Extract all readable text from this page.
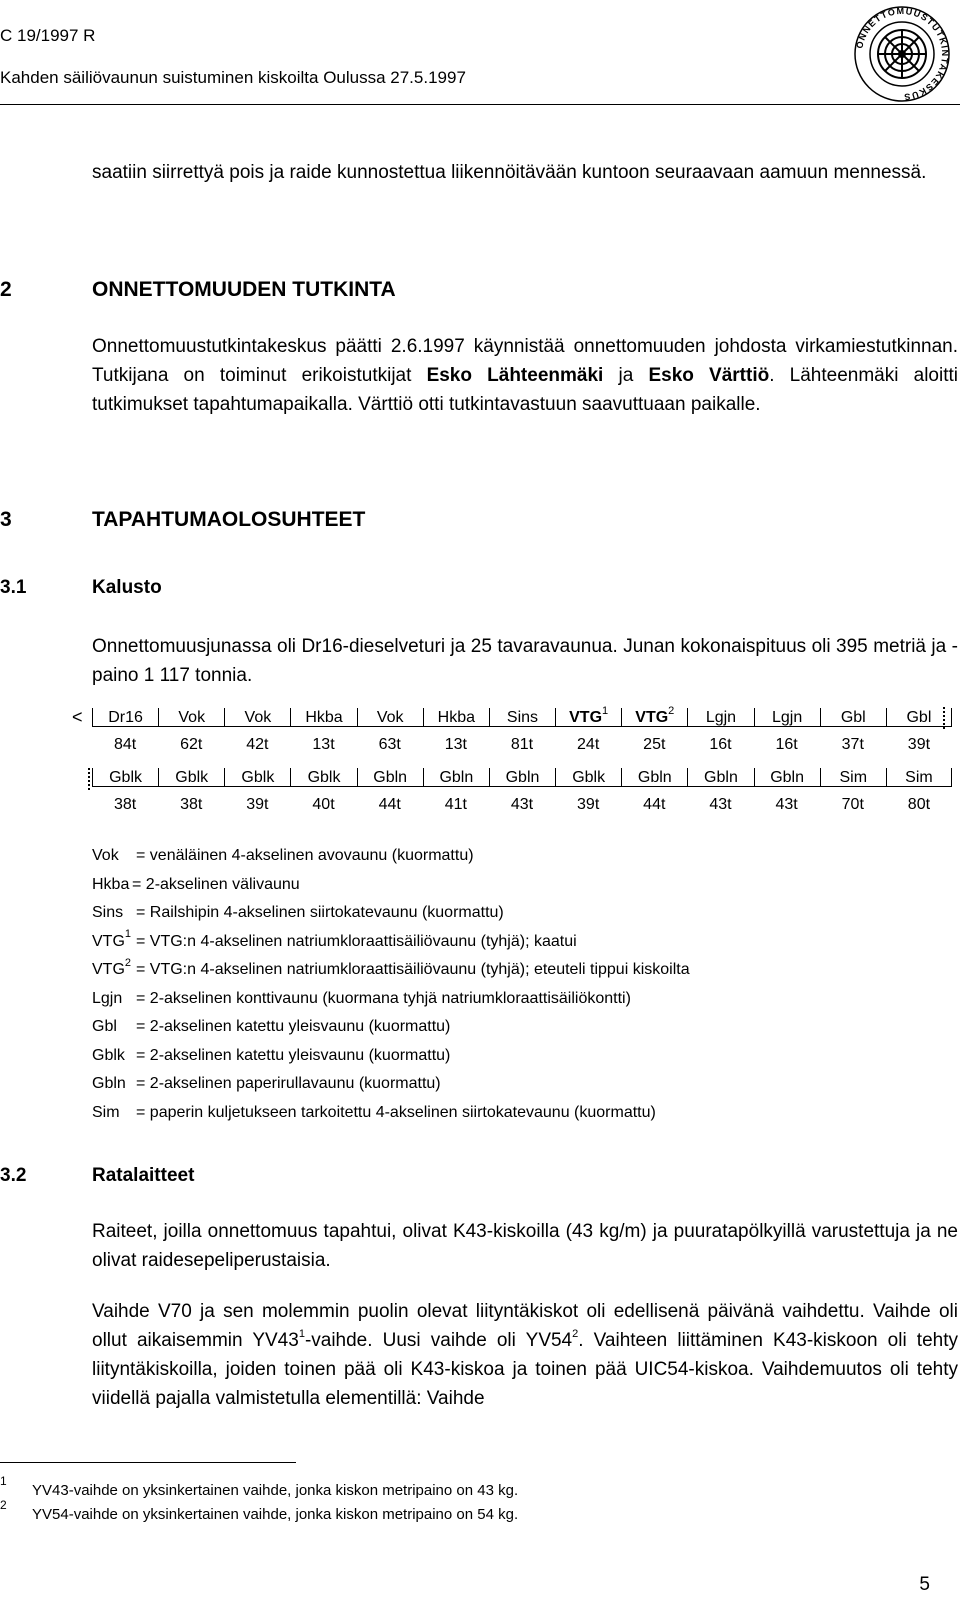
C 19/1997 R
Kahden säiliövaunun suistuminen kiskoilta Oulussa 27.5.1997
ONNETTOMUUSTUTKINTAKESKUS
saatiin siirrettyä pois ja raide kunnostettua liikennöitävään kuntoon seuraavaan aamuun mennessä.
2	ONNETTOMUUDEN TUTKINTA
Onnettomuustutkintakeskus päätti 2.6.1997 käynnistää onnettomuuden johdosta virkamiestutkinnan. Tutkijana on toiminut erikoistutkijat Esko Lähteenmäki ja Esko Värttiö. Lähteenmäki aloitti tutkimukset tapahtumapaikalla. Värttiö otti tutkintavastuun saavuttuaan paikalle.
3	TAPAHTUMAOLOSUHTEET
3.1	Kalusto
Onnettomuusjunassa oli Dr16-dieselveturi ja 25 tavaravaunua. Junan kokonaispituus oli 395 metriä ja -paino 1 117 tonnia.
<	Dr16	Vok	Vok	Hkba	Vok	Hkba	Sins	VTG$^1$	VTG$^2$	Lgjn	Lgjn	Gbl	Gbl
84t	62t	42t	13t	63t	13t	81t	24t	25t	16t	16t	37t	39t
Gblk	Gblk	Gblk	Gblk	Gbln	Gbln	Gbln	Gblk	Gbln	Gbln	Gbln	Sim	Sim
38t	38t	39t	40t	44t	41t	43t	39t	44t	43t	43t	70t	80t
Vok = venäläinen 4-akselinen avovaunu (kuormattu)
Hkba = 2-akselinen välivaunu
Sins = Railshipin 4-akselinen siirtokatevaunu (kuormattu)
$VTG^1$ = VTG:n 4-akselinen natriumkloraattisäiliövaunu (tyhjä); kaatui
$VTG^2$ = VTG:n 4-akselinen natriumkloraattisäiliövaunu (tyhjä); eteuteli tippui kiskoilta
Lgjn = 2-akselinen konttivaunu (kuormana tyhjä natriumkloraattisäiliökontti)
Gbl = 2-akselinen katettu yleisvaunu (kuormattu)
Gblk = 2-akselinen katettu yleisvaunu (kuormattu)
Gbln = 2-akselinen paperirullavaunu (kuormattu)
Sim = paperin kuljetukseen tarkoitettu 4-akselinen siirtokatevaunu (kuormattu)
3.2	Ratalaitteet
Raiteet, joilla onnettomuus tapahtui, olivat K43-kiskoilla (43 kg/m) ja puuratapölkyillä varustettuja ja ne olivat raidesepeliperustaisia.
Vaihde V70 ja sen molemmin puolin olevat liityntäkiskot oli edellisenä päivänä vaihdettu. Vaihde oli ollut aikaisemmin $YV43^1$-vaihde. Uusi vaihde oli $YV54^2$. Vaihteen liittäminen K43-kiskoon oli tehty liityntäkiskoilla, joiden toinen pää oli K43-kiskoa ja toinen pää UIC54-kiskoa. Vaihdemuutos oli tehty viidellä pajalla valmistetulla elementillä: Vaihde
1
YV43-vaihde on yksinkertainen vaihde, jonka kiskon metripaino on 43 kg.
2
YV54-vaihde on yksinkertainen vaihde, jonka kiskon metripaino on 54 kg.
5
